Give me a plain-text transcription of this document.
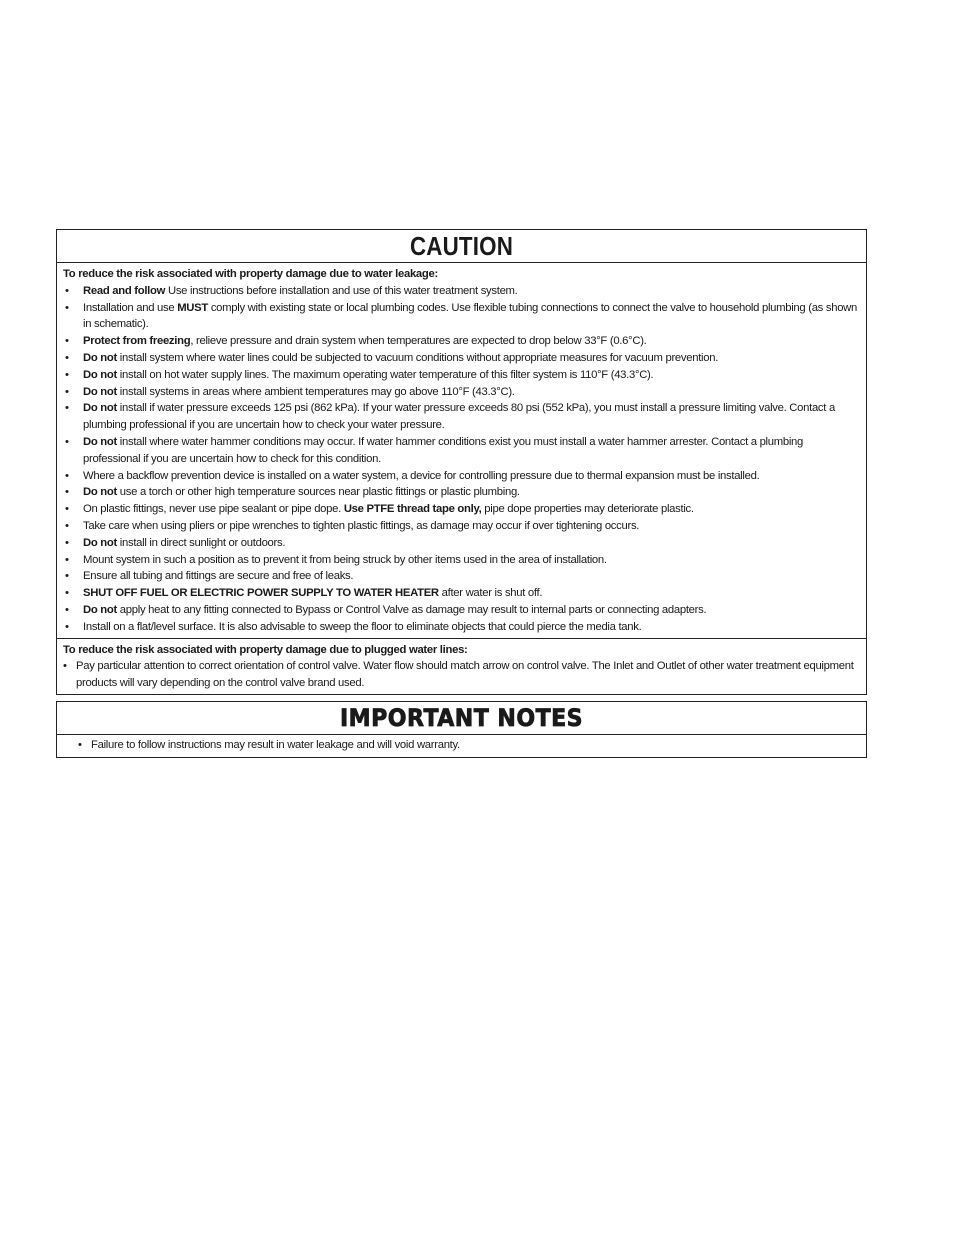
CAUTION
To reduce the risk associated with property damage due to water leakage:
• Read and follow Use instructions before installation and use of this water treatment system.
• Installation and use MUST comply with existing state or local plumbing codes. Use flexible tubing connections to connect the valve to household plumbing (as shown in schematic).
• Protect from freezing, relieve pressure and drain system when temperatures are expected to drop below 33°F (0.6°C).
• Do not install system where water lines could be subjected to vacuum conditions without appropriate measures for vacuum prevention.
• Do not install on hot water supply lines. The maximum operating water temperature of this filter system is 110°F (43.3°C).
• Do not install systems in areas where ambient temperatures may go above 110°F (43.3°C).
• Do not install if water pressure exceeds 125 psi (862 kPa). If your water pressure exceeds 80 psi (552 kPa), you must install a pressure limiting valve. Contact a plumbing professional if you are uncertain how to check your water pressure.
• Do not install where water hammer conditions may occur. If water hammer conditions exist you must install a water hammer arrester. Contact a plumbing professional if you are uncertain how to check for this condition.
• Where a backflow prevention device is installed on a water system, a device for controlling pressure due to thermal expansion must be installed.
• Do not use a torch or other high temperature sources near plastic fittings or plastic plumbing.
• On plastic fittings, never use pipe sealant or pipe dope. Use PTFE thread tape only, pipe dope properties may deteriorate plastic.
• Take care when using pliers or pipe wrenches to tighten plastic fittings, as damage may occur if over tightening occurs.
• Do not install in direct sunlight or outdoors.
• Mount system in such a position as to prevent it from being struck by other items used in the area of installation.
• Ensure all tubing and fittings are secure and free of leaks.
• SHUT OFF FUEL OR ELECTRIC POWER SUPPLY TO WATER HEATER after water is shut off.
• Do not apply heat to any fitting connected to Bypass or Control Valve as damage may result to internal parts or connecting adapters.
• Install on a flat/level surface. It is also advisable to sweep the floor to eliminate objects that could pierce the media tank.
To reduce the risk associated with property damage due to plugged water lines:
• Pay particular attention to correct orientation of control valve. Water flow should match arrow on control valve. The Inlet and Outlet of other water treatment equipment products will vary depending on the control valve brand used.
IMPORTANT NOTES
• Failure to follow instructions may result in water leakage and will void warranty.
